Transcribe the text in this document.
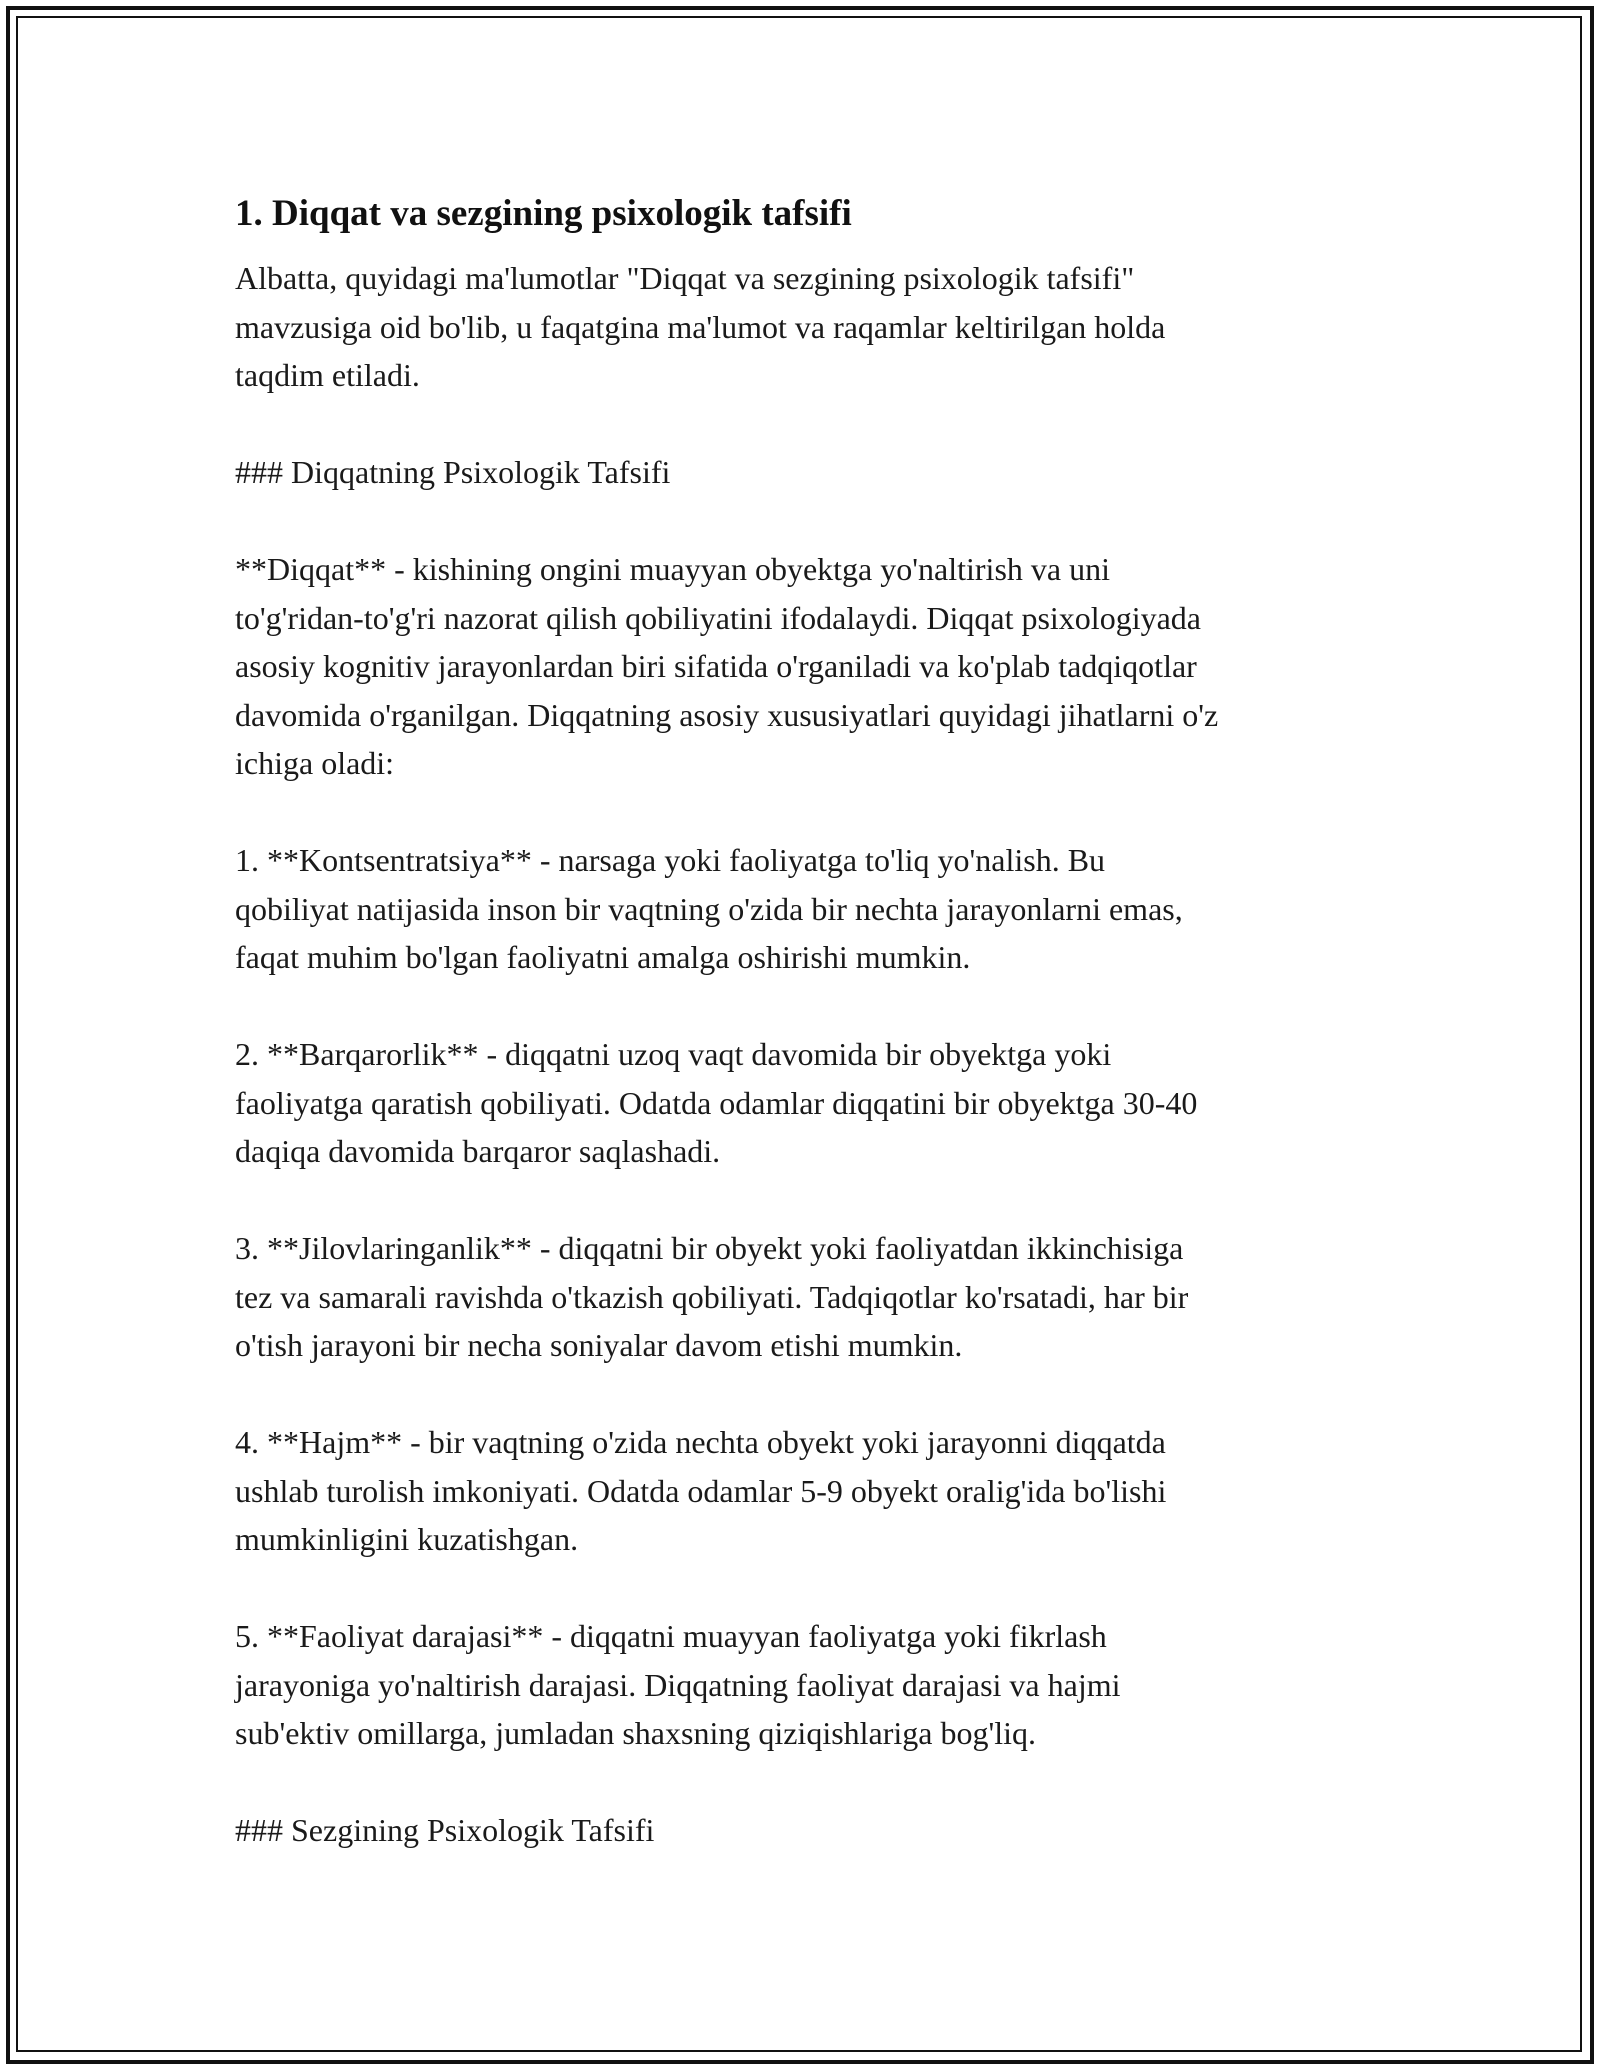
1. Diqqat va sezgining psixologik tafsifi

Albatta, quyidagi ma'lumotlar "Diqqat va sezgining psixologik tafsifi"
mavzusiga oid bo'lib, u faqatgina ma'lumot va raqamlar keltirilgan holda
taqdim etiladi.

### Diqqatning Psixologik Tafsifi

**Diqqat** - kishining ongini muayyan obyektga yo'naltirish va uni
to'g'ridan-to'g'ri nazorat qilish qobiliyatini ifodalaydi. Diqqat psixologiyada
asosiy kognitiv jarayonlardan biri sifatida o'rganiladi va ko'plab tadqiqotlar
davomida o'rganilgan. Diqqatning asosiy xususiyatlari quyidagi jihatlarni o'z
ichiga oladi:

1. **Kontsentratsiya** - narsaga yoki faoliyatga to'liq yo'nalish. Bu
qobiliyat natijasida inson bir vaqtning o'zida bir nechta jarayonlarni emas,
faqat muhim bo'lgan faoliyatni amalga oshirishi mumkin.

2. **Barqarorlik** - diqqatni uzoq vaqt davomida bir obyektga yoki
faoliyatga qaratish qobiliyati. Odatda odamlar diqqatini bir obyektga 30-40
daqiqa davomida barqaror saqlashadi.

3. **Jilovlaringanlik** - diqqatni bir obyekt yoki faoliyatdan ikkinchisiga
tez va samarali ravishda o'tkazish qobiliyati. Tadqiqotlar ko'rsatadi, har bir
o'tish jarayoni bir necha soniyalar davom etishi mumkin.

4. **Hajm** - bir vaqtning o'zida nechta obyekt yoki jarayonni diqqatda
ushlab turolish imkoniyati. Odatda odamlar 5-9 obyekt oralig'ida bo'lishi
mumkinligini kuzatishgan.

5. **Faoliyat darajasi** - diqqatni muayyan faoliyatga yoki fikrlash
jarayoniga yo'naltirish darajasi. Diqqatning faoliyat darajasi va hajmi
sub'ektiv omillarga, jumladan shaxsning qiziqishlariga bog'liq.

### Sezgining Psixologik Tafsifi
